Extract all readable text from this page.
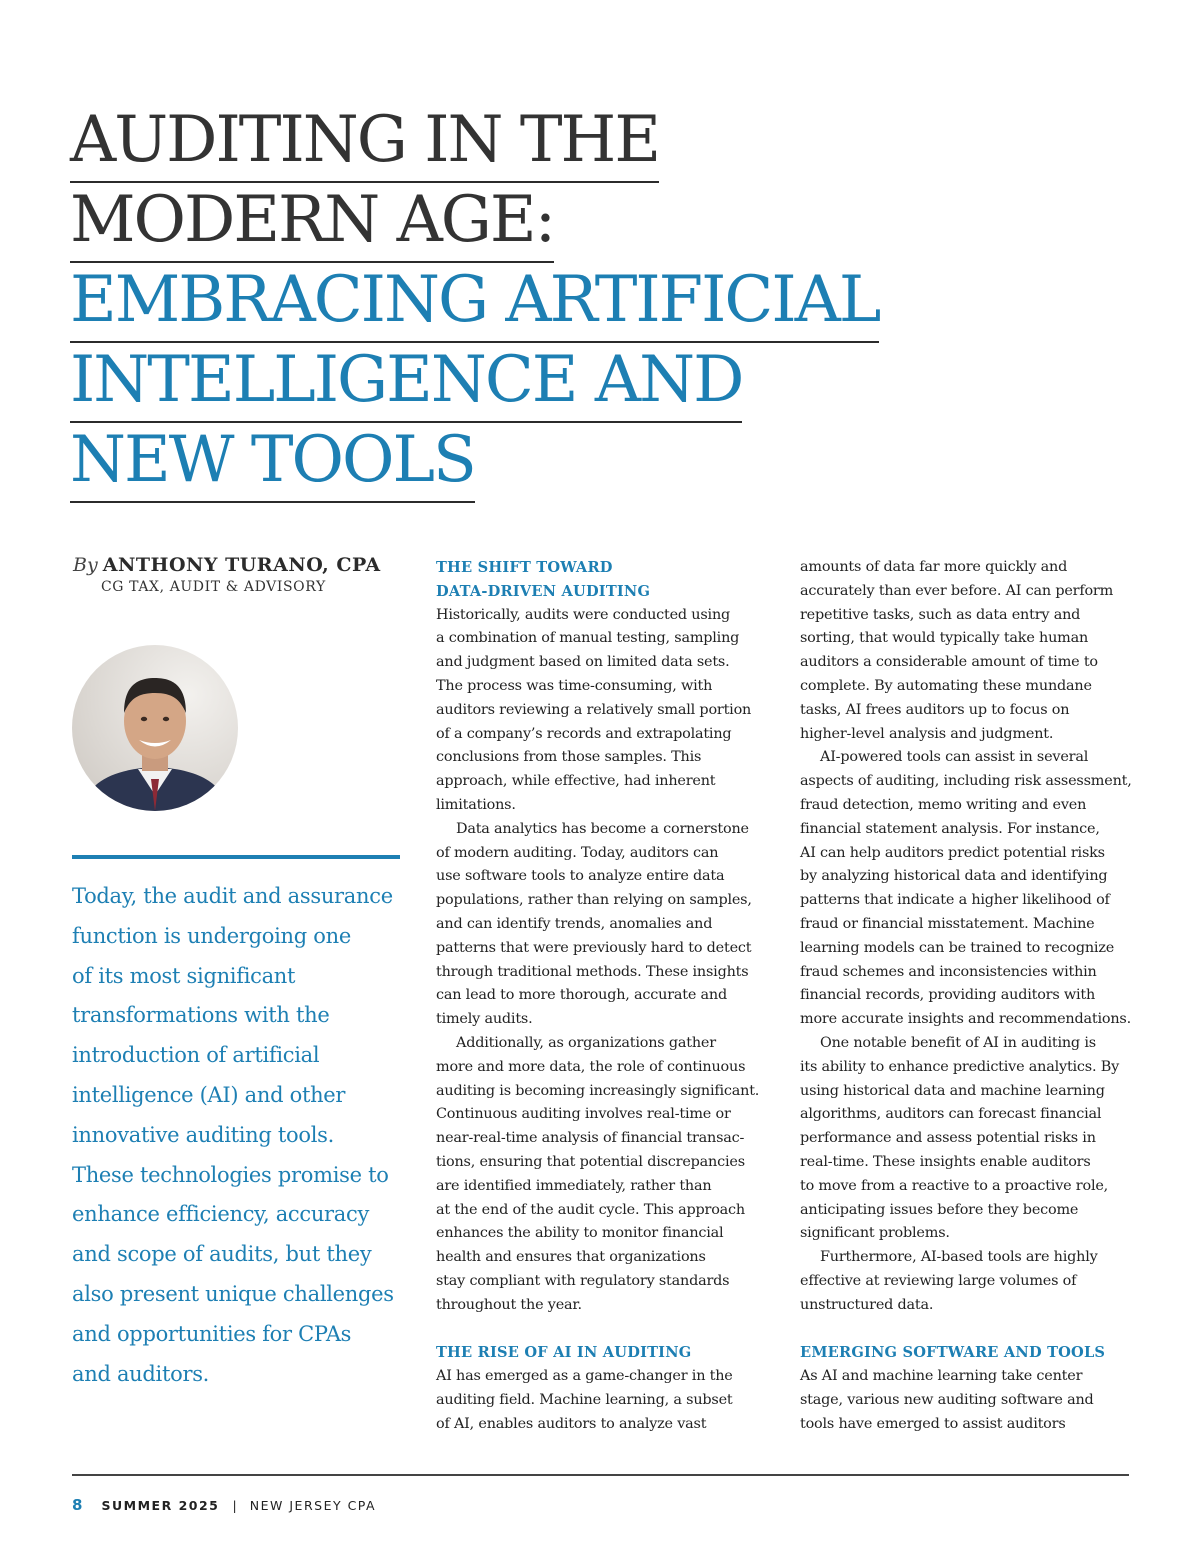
AUDITING IN THE
MODERN AGE:
EMBRACING ARTIFICIAL
INTELLIGENCE AND
NEW TOOLS
By ANTHONY TURANO, CPA
CG TAX, AUDIT & ADVISORY
Today, the audit and assurance
function is undergoing one
of its most significant
transformations with the
introduction of artificial
intelligence (AI) and other
innovative auditing tools.
These technologies promise to
enhance efficiency, accuracy
and scope of audits, but they
also present unique challenges
and opportunities for CPAs
and auditors.
THE SHIFT TOWARD
DATA-DRIVEN AUDITING
Historically, audits were conducted using
a combination of manual testing, sampling
and judgment based on limited data sets.
The process was time-consuming, with
auditors reviewing a relatively small portion
of a company’s records and extrapolating
conclusions from those samples. This
approach, while effective, had inherent
limitations.
Data analytics has become a cornerstone
of modern auditing. Today, auditors can
use software tools to analyze entire data
populations, rather than relying on samples,
and can identify trends, anomalies and
patterns that were previously hard to detect
through traditional methods. These insights
can lead to more thorough, accurate and
timely audits.
Additionally, as organizations gather
more and more data, the role of continuous
auditing is becoming increasingly significant.
Continuous auditing involves real-time or
near-real-time analysis of financial transac-
tions, ensuring that potential discrepancies
are identified immediately, rather than
at the end of the audit cycle. This approach
enhances the ability to monitor financial
health and ensures that organizations
stay compliant with regulatory standards
throughout the year.
THE RISE OF AI IN AUDITING
AI has emerged as a game-changer in the
auditing field. Machine learning, a subset
of AI, enables auditors to analyze vast
amounts of data far more quickly and
accurately than ever before. AI can perform
repetitive tasks, such as data entry and
sorting, that would typically take human
auditors a considerable amount of time to
complete. By automating these mundane
tasks, AI frees auditors up to focus on
higher-level analysis and judgment.
AI-powered tools can assist in several
aspects of auditing, including risk assessment,
fraud detection, memo writing and even
financial statement analysis. For instance,
AI can help auditors predict potential risks
by analyzing historical data and identifying
patterns that indicate a higher likelihood of
fraud or financial misstatement. Machine
learning models can be trained to recognize
fraud schemes and inconsistencies within
financial records, providing auditors with
more accurate insights and recommendations.
One notable benefit of AI in auditing is
its ability to enhance predictive analytics. By
using historical data and machine learning
algorithms, auditors can forecast financial
performance and assess potential risks in
real-time. These insights enable auditors
to move from a reactive to a proactive role,
anticipating issues before they become
significant problems.
Furthermore, AI-based tools are highly
effective at reviewing large volumes of
unstructured data.
EMERGING SOFTWARE AND TOOLS
As AI and machine learning take center
stage, various new auditing software and
tools have emerged to assist auditors
8 SUMMER 2025 | NEW JERSEY CPA
